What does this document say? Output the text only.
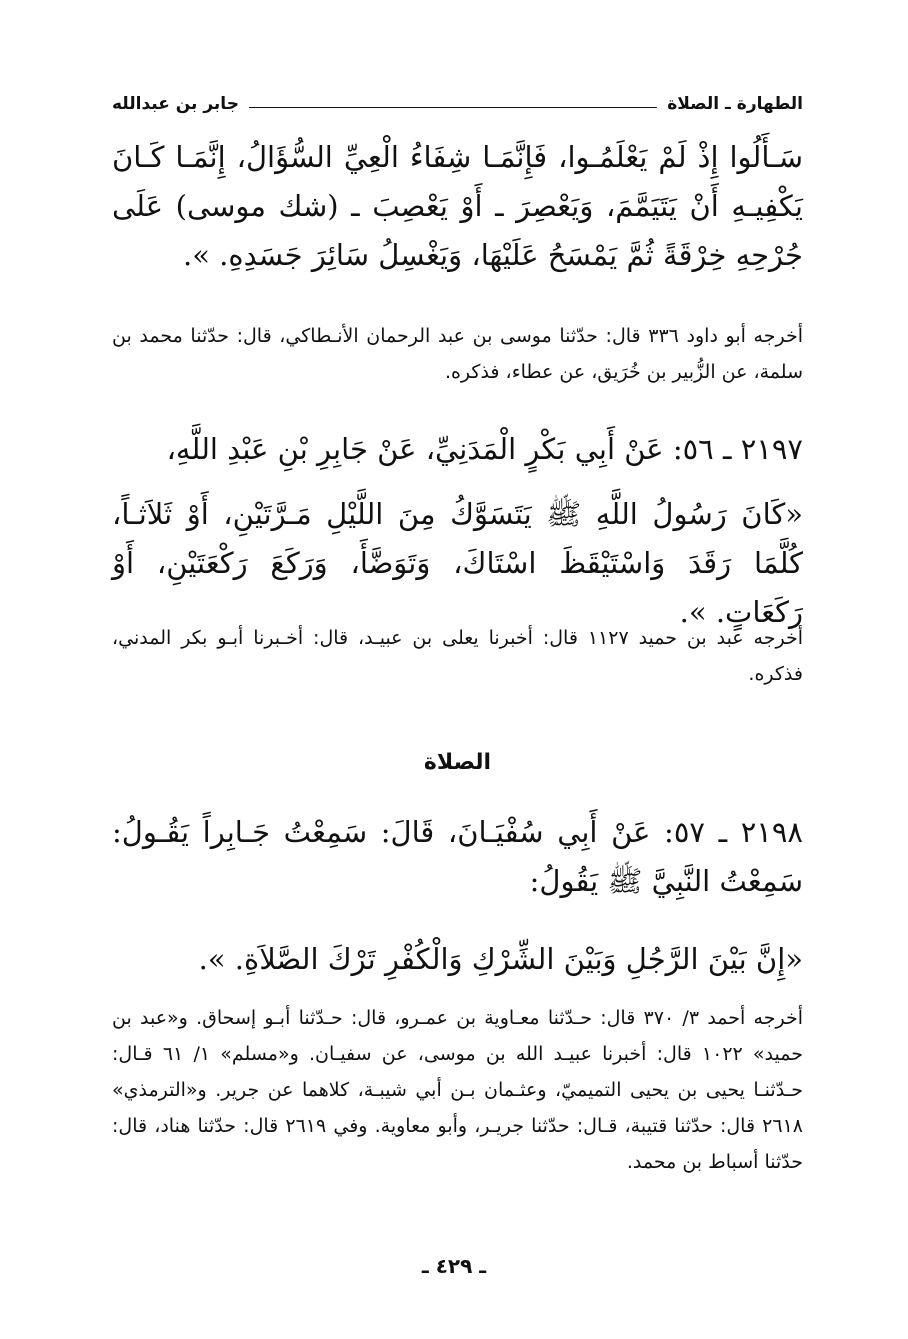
الطهارة ـ الصلاة
جابر بن عبدالله
سَـأَلُوا إِذْ لَمْ يَعْلَمُـوا، فَإِنَّمَـا شِفَاءُ الْعِيِّ السُّؤَالُ، إِنَّمَـا كَـانَ يَكْفِيـهِ أَنْ يَتَيَمَّمَ، وَيَعْصِرَ ـ أَوْ يَعْصِبَ ـ (شك موسى) عَلَى جُرْحِهِ خِرْقَةً ثُمَّ يَمْسَحُ عَلَيْهَا، وَيَغْسِلُ سَائِرَ جَسَدِهِ. ».
أخرجه أبو داود ٣٣٦ قال: حدّثنا موسى بن عبد الرحمان الأنـطاكي، قال: حدّثنا محمد بن سلمة، عن الزُّبير بن خُرَيق، عن عطاء، فذكره.
٢١٩٧ ـ ٥٦: عَنْ أَبِي بَكْرٍ الْمَدَنِيِّ، عَنْ جَابِرِ بْنِ عَبْدِ اللَّهِ،
«كَانَ رَسُولُ اللَّهِ ﷺ يَتَسَوَّكُ مِنَ اللَّيْلِ مَـرَّتَيْنِ، أَوْ ثَلاَثـاً، كُلَّمَا رَقَدَ وَاسْتَيْقَظَ اسْتَاكَ، وَتَوَضَّأَ، وَرَكَعَ رَكْعَتَيْنِ، أَوْ رَكَعَاتٍ. ».
أخرجه عبد بن حميد ١١٢٧ قال: أخبرنا يعلى بن عبيـد، قال: أخـبرنا أبـو بكر المدني، فذكره.
الصلاة
٢١٩٨ ـ ٥٧: عَنْ أَبِي سُفْيَـانَ، قَالَ: سَمِعْتُ جَـابِراً يَقُـولُ: سَمِعْتُ النَّبِيَّ ﷺ يَقُولُ:
«إِنَّ بَيْنَ الرَّجُلِ وَبَيْنَ الشِّرْكِ وَالْكُفْرِ تَرْكَ الصَّلاَةِ. ».
أخرجه أحمد ٣/ ٣٧٠ قال: حـدّثنا معـاوية بن عمـرو، قال: حـدّثنا أبـو إسحاق. و«عبد بن حميد» ١٠٢٢ قال: أخبرنا عبيـد الله بن موسى، عن سفيـان. و«مسلم» ١/ ٦١ قـال: حـدّثنـا يحيى بن يحيى التميميّ، وعثـمان بـن أبي شيبـة، كلاهما عن جرير. و«الترمذي» ٢٦١٨ قال: حدّثنا قتيبة، قـال: حدّثنا جريـر، وأبو معاوية. وفي ٢٦١٩ قال: حدّثنا هناد، قال: حدّثنا أسباط بن محمد.
ـ ٤٢٩ ـ
